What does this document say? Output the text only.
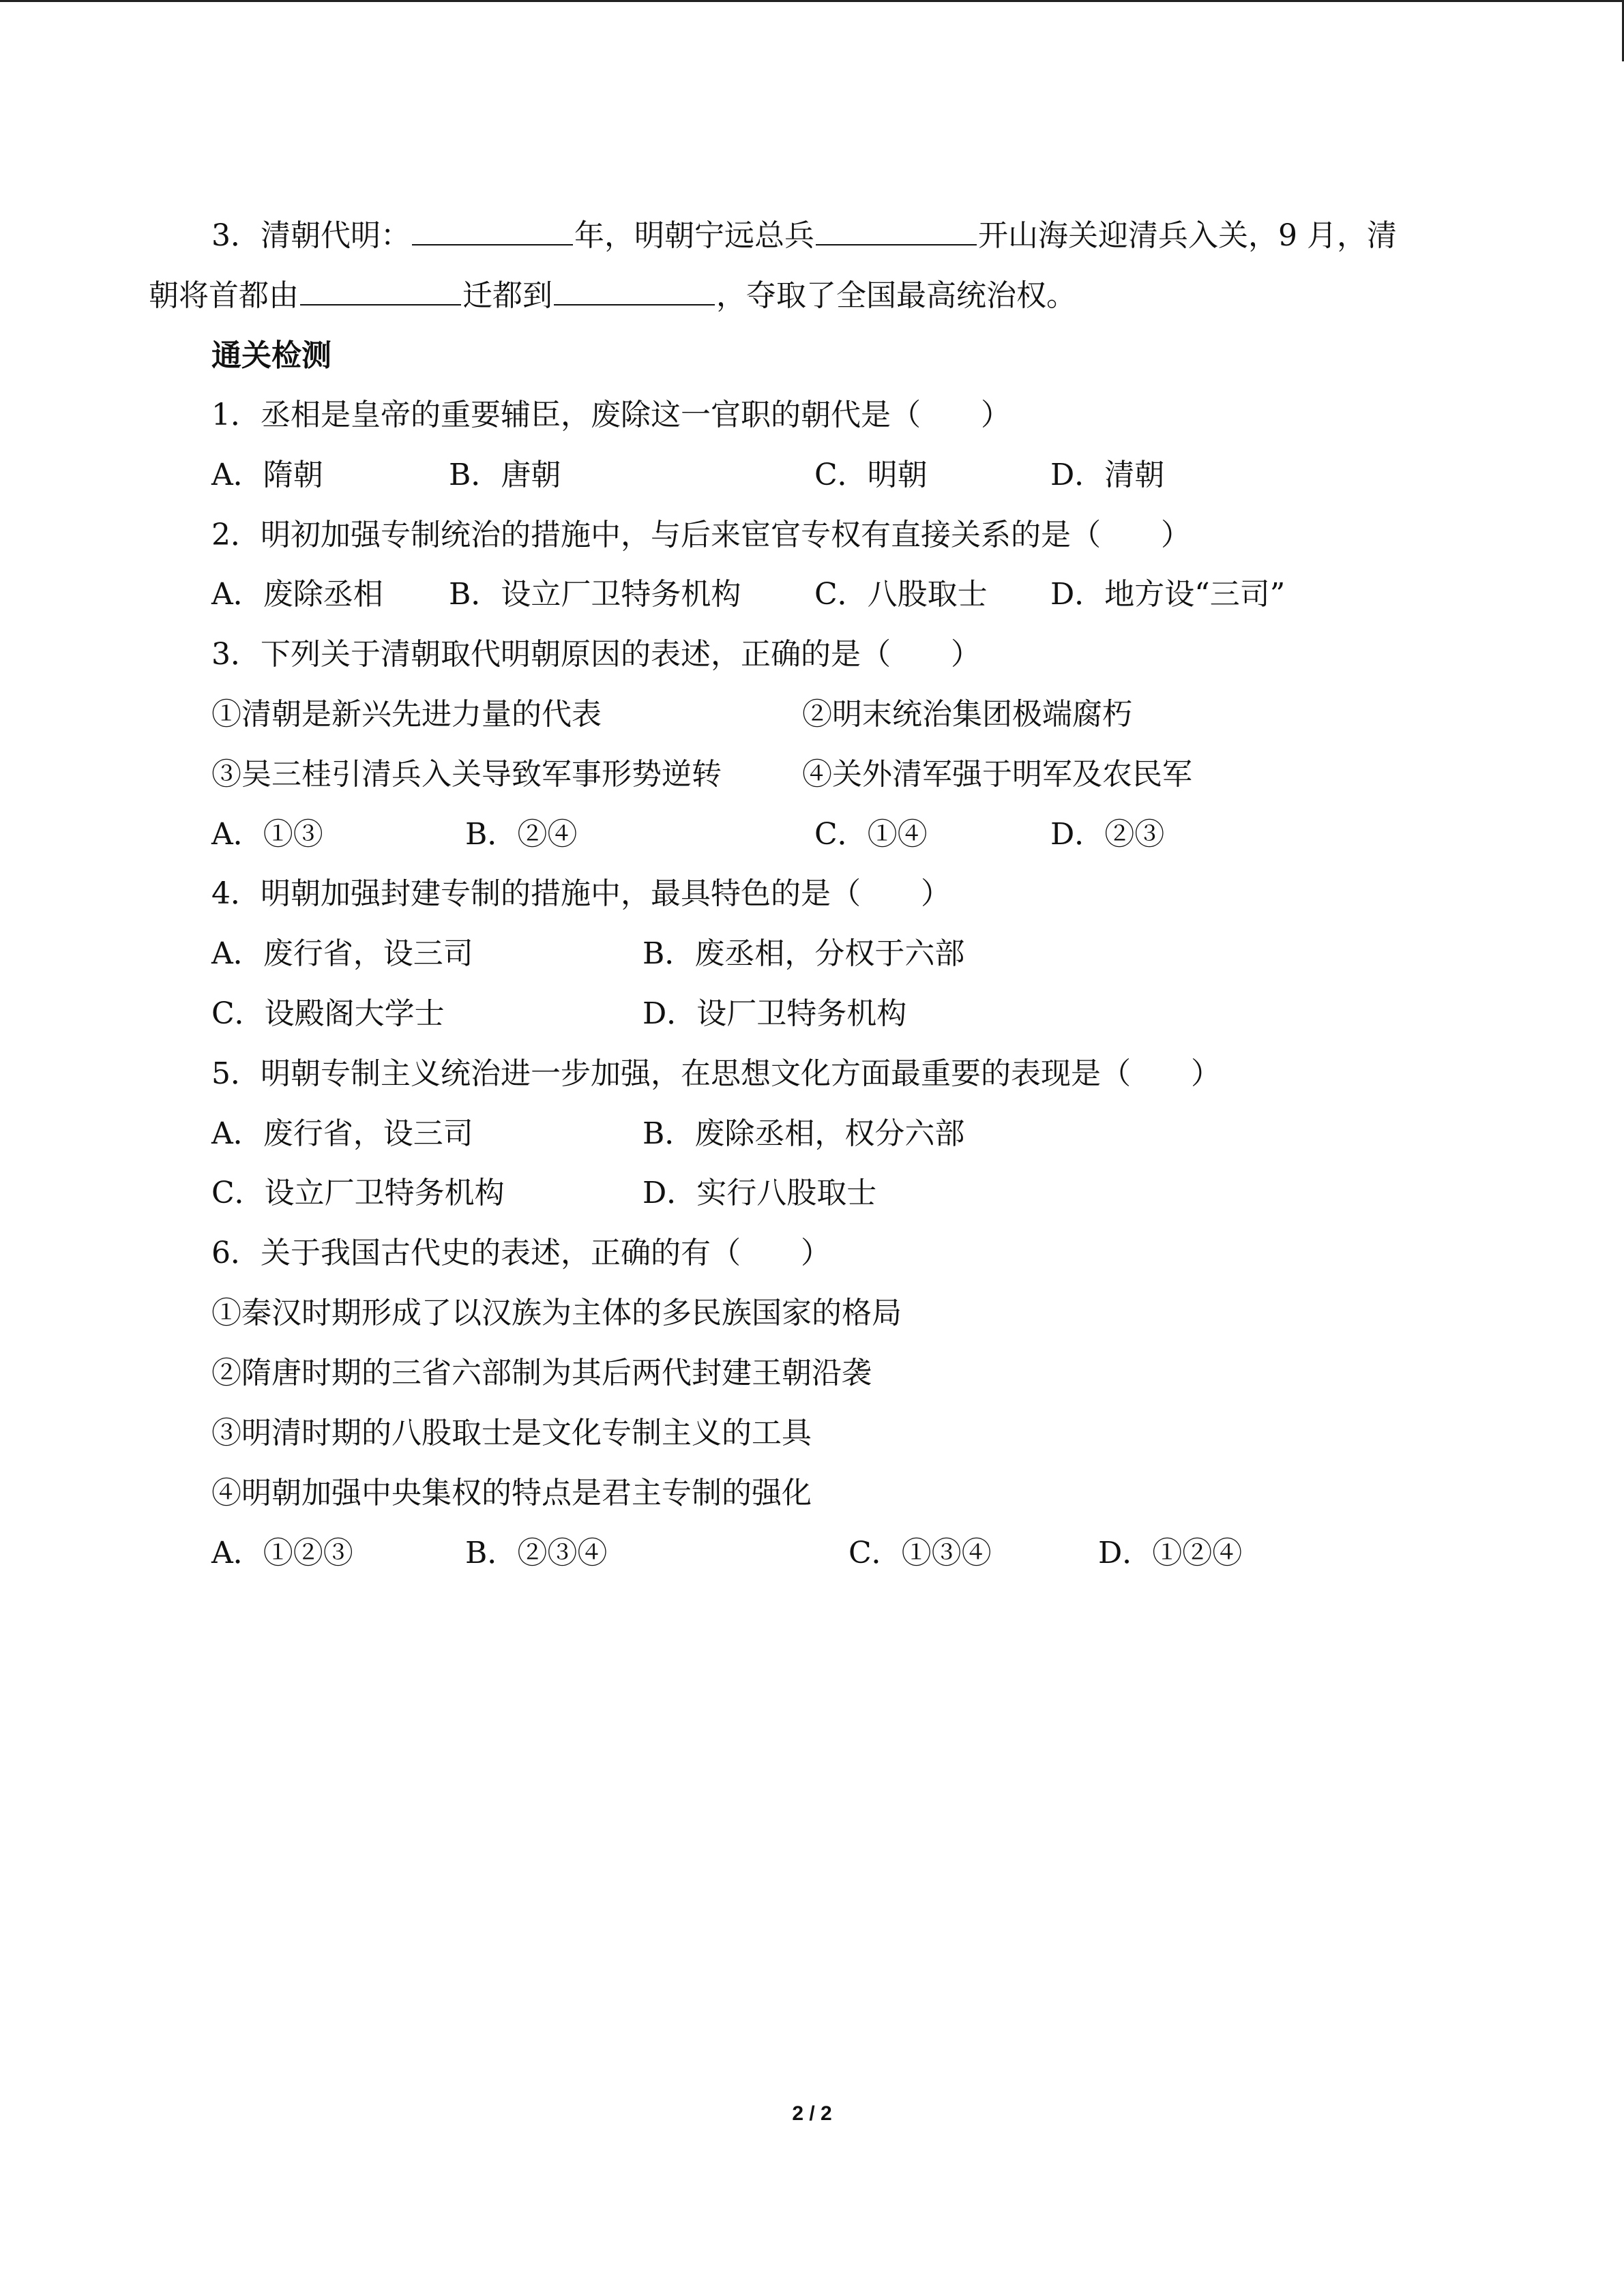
3．清朝代明：	年，明朝宁远总兵	开山海关迎清兵入关，9 月，清
朝将首都由	迁都到	，夺取了全国最高统治权。
通关检测
1．丞相是皇帝的重要辅臣，废除这一官职的朝代是（　　）
A．隋朝	B．唐朝	C．明朝	D．清朝
2．明初加强专制统治的措施中，与后来宦官专权有直接关系的是（　　）
A．废除丞相 B．设立厂卫特务机构 C．八股取士 D．地方设“三司”
3．下列关于清朝取代明朝原因的表述，正确的是（　　）
①清朝是新兴先进力量的代表	②明末统治集团极端腐朽
③吴三桂引清兵入关导致军事形势逆转	④关外清军强于明军及农民军
A．①③	B．②④	C．①④	D．②③
4．明朝加强封建专制的措施中，最具特色的是（　　）
A．废行省，设三司	B．废丞相，分权于六部
C．设殿阁大学士	D．设厂卫特务机构
5．明朝专制主义统治进一步加强，在思想文化方面最重要的表现是（　　）
A．废行省，设三司	B．废除丞相，权分六部
C．设立厂卫特务机构	D．实行八股取士
6．关于我国古代史的表述，正确的有（　　）
①秦汉时期形成了以汉族为主体的多民族国家的格局
②隋唐时期的三省六部制为其后两代封建王朝沿袭
③明清时期的八股取士是文化专制主义的工具
④明朝加强中央集权的特点是君主专制的强化
A．①②③	B．②③④	C．①③④	D．①②④
2 / 2
